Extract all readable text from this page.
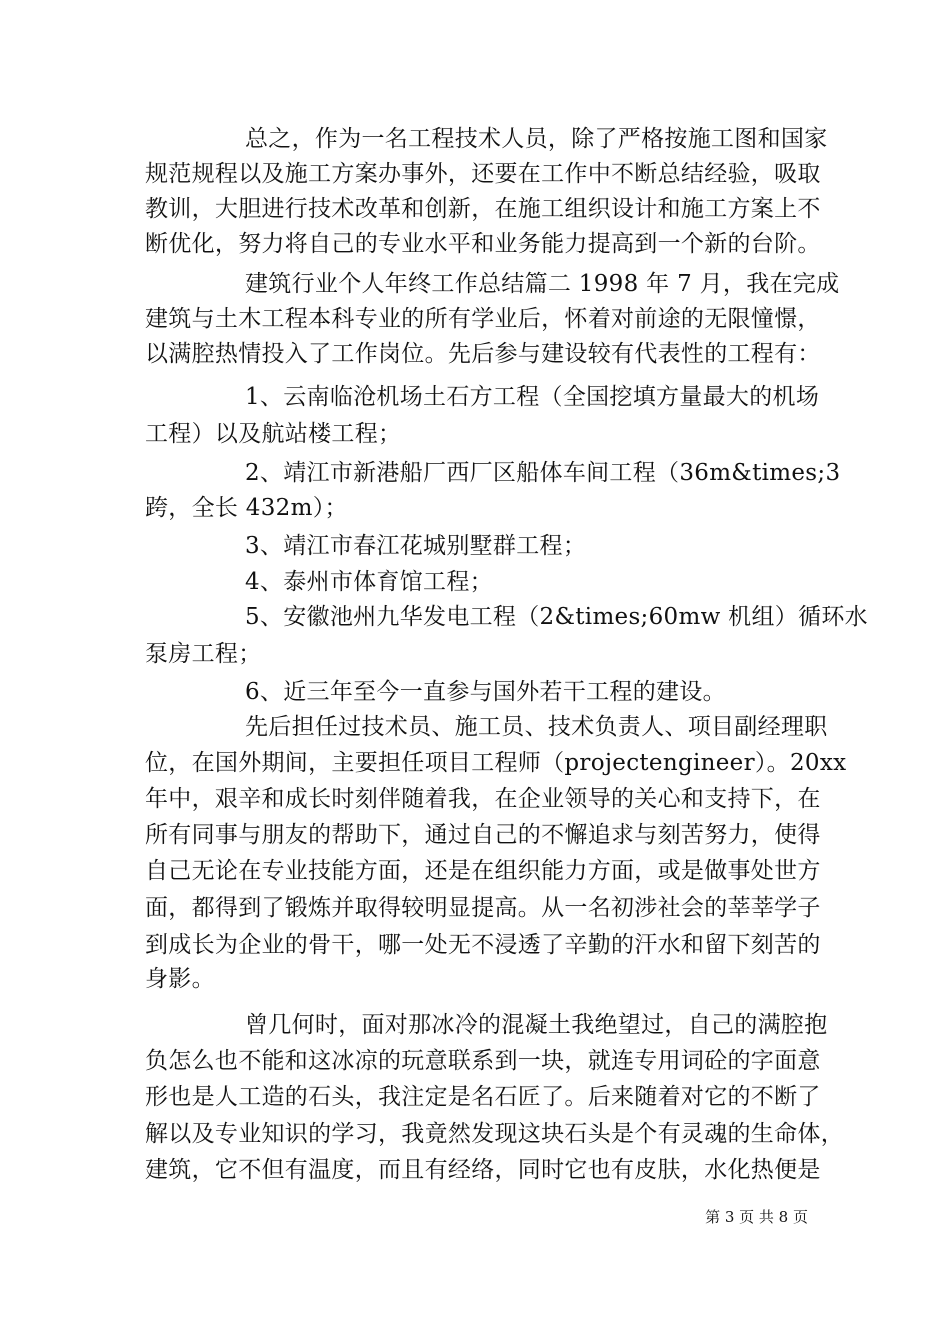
总之，作为一名工程技术人员，除了严格按施工图和国家
规范规程以及施工方案办事外，还要在工作中不断总结经验，吸取
教训，大胆进行技术改革和创新，在施工组织设计和施工方案上不
断优化，努力将自己的专业水平和业务能力提高到一个新的台阶。
建筑行业个人年终工作总结篇二 1998 年 7 月，我在完成
建筑与土木工程本科专业的所有学业后，怀着对前途的无限憧憬，
以满腔热情投入了工作岗位。先后参与建设较有代表性的工程有：
1、云南临沧机场土石方工程（全国挖填方量最大的机场
工程）以及航站楼工程；
2、靖江市新港船厂西厂区船体车间工程（36m&times;3
跨，全长 432m）；
3、靖江市春江花城别墅群工程；
4、泰州市体育馆工程；
5、安徽池州九华发电工程（2&times;60mw 机组）循环水
泵房工程；
6、近三年至今一直参与国外若干工程的建设。
先后担任过技术员、施工员、技术负责人、项目副经理职
位，在国外期间，主要担任项目工程师（projectengineer）。20xx
年中，艰辛和成长时刻伴随着我，在企业领导的关心和支持下，在
所有同事与朋友的帮助下，通过自己的不懈追求与刻苦努力，使得
自己无论在专业技能方面，还是在组织能力方面，或是做事处世方
面，都得到了锻炼并取得较明显提高。从一名初涉社会的莘莘学子
到成长为企业的骨干，哪一处无不浸透了辛勤的汗水和留下刻苦的
身影。
曾几何时，面对那冰冷的混凝土我绝望过，自己的满腔抱
负怎么也不能和这冰凉的玩意联系到一块，就连专用词砼的字面意
形也是人工造的石头，我注定是名石匠了。后来随着对它的不断了
解以及专业知识的学习，我竟然发现这块石头是个有灵魂的生命体，
建筑，它不但有温度，而且有经络，同时它也有皮肤，水化热便是
第 3 页 共 8 页
